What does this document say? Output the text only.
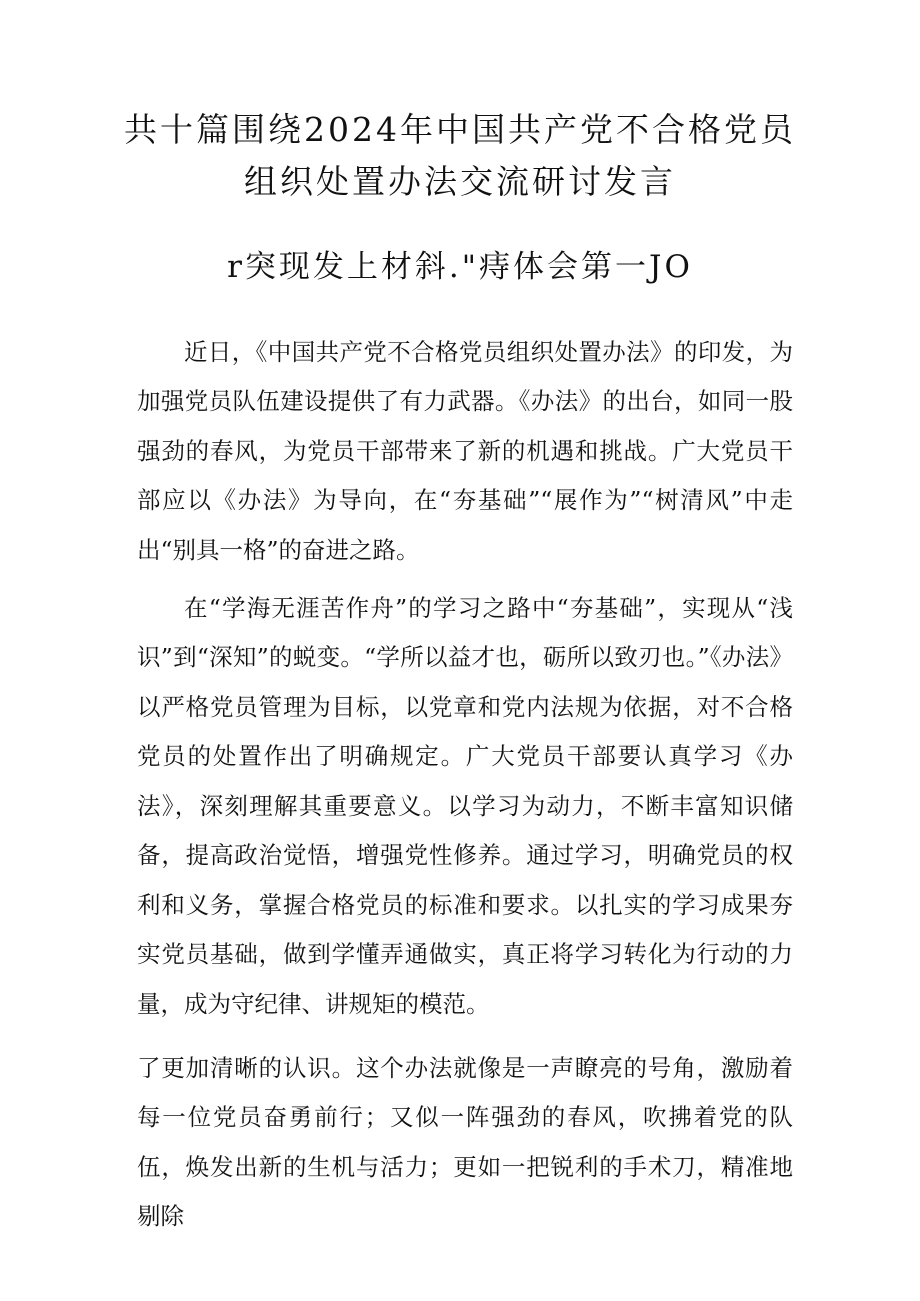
共十篇围绕2024年中国共产党不合格党员
组织处置办法交流研讨发言
r突现发上材斜."痔体会第一JO

近日，《中国共产党不合格党员组织处置办法》的印发，为加强党员队伍建设提供了有力武器。《办法》的出台，如同一股强劲的春风，为党员干部带来了新的机遇和挑战。广大党员干部应以《办法》为导向，在“夯基础”“展作为”“树清风”中走出“别具一格”的奋进之路。

在“学海无涯苦作舟”的学习之路中“夯基础”，实现从“浅识”到“深知”的蜕变。“学所以益才也，砺所以致刃也。”《办法》以严格党员管理为目标，以党章和党内法规为依据，对不合格党员的处置作出了明确规定。广大党员干部要认真学习《办法》，深刻理解其重要意义。以学习为动力，不断丰富知识储备，提高政治觉悟，增强党性修养。通过学习，明确党员的权利和义务，掌握合格党员的标准和要求。以扎实的学习成果夯实党员基础，做到学懂弄通做实，真正将学习转化为行动的力量，成为守纪律、讲规矩的模范。

了更加清晰的认识。这个办法就像是一声瞭亮的号角，激励着每一位党员奋勇前行；又似一阵强劲的春风，吹拂着党的队伍，焕发出新的生机与活力；更如一把锐利的手术刀，精准地剔除
